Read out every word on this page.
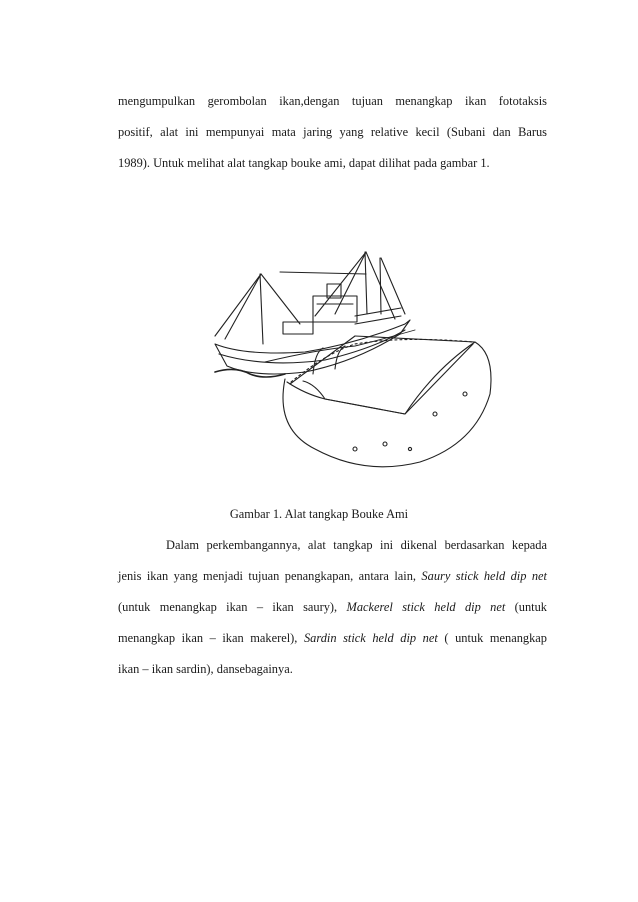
mengumpulkan gerombolan ikan,dengan tujuan menangkap ikan fototaksis
positif, alat ini mempunyai mata jaring yang relative kecil (Subani dan Barus
1989). Untuk melihat alat tangkap bouke ami, dapat dilihat pada gambar 1.
Gambar 1. Alat tangkap Bouke Ami
Dalam perkembangannya, alat tangkap ini dikenal berdasarkan kepada
jenis ikan yang menjadi tujuan penangkapan, antara lain, Saury stick held dip net
(untuk menangkap ikan – ikan saury), Mackerel stick held dip net (untuk
menangkap ikan – ikan makerel), Sardin stick held dip net ( untuk menangkap
ikan – ikan sardin), dansebagainya.
